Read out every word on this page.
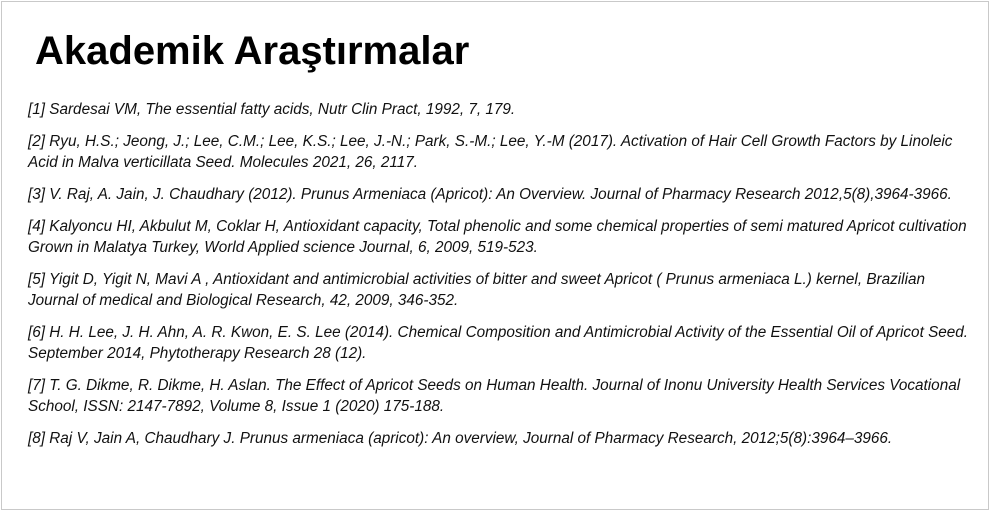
Akademik Araştırmalar
[1] Sardesai VM, The essential fatty acids, Nutr Clin Pract, 1992, 7, 179.
[2] Ryu, H.S.; Jeong, J.; Lee, C.M.; Lee, K.S.; Lee, J.-N.; Park, S.-M.; Lee, Y.-M (2017). Activation of Hair Cell Growth Factors by Linoleic Acid in Malva verticillata Seed. Molecules 2021, 26, 2117.
[3] V. Raj, A. Jain, J. Chaudhary (2012). Prunus Armeniaca (Apricot): An Overview. Journal of Pharmacy Research 2012,5(8),3964-3966.
[4] Kalyoncu HI, Akbulut M, Coklar H, Antioxidant capacity, Total phenolic and some chemical properties of semi matured Apricot cultivation Grown in Malatya Turkey, World Applied science Journal, 6, 2009, 519-523.
[5] Yigit D, Yigit N, Mavi A , Antioxidant and antimicrobial activities of bitter and sweet Apricot ( Prunus armeniaca L.) kernel, Brazilian Journal of medical and Biological Research, 42, 2009, 346-352.
[6] H. H. Lee, J. H. Ahn, A. R. Kwon, E. S. Lee (2014). Chemical Composition and Antimicrobial Activity of the Essential Oil of Apricot Seed. September 2014, Phytotherapy Research 28 (12).
[7] T. G. Dikme, R. Dikme, H. Aslan. The Effect of Apricot Seeds on Human Health. Journal of Inonu University Health Services Vocational School, ISSN: 2147-7892, Volume 8, Issue 1 (2020) 175-188.
[8] Raj V, Jain A, Chaudhary J. Prunus armeniaca (apricot): An overview, Journal of Pharmacy Research, 2012;5(8):3964–3966.
